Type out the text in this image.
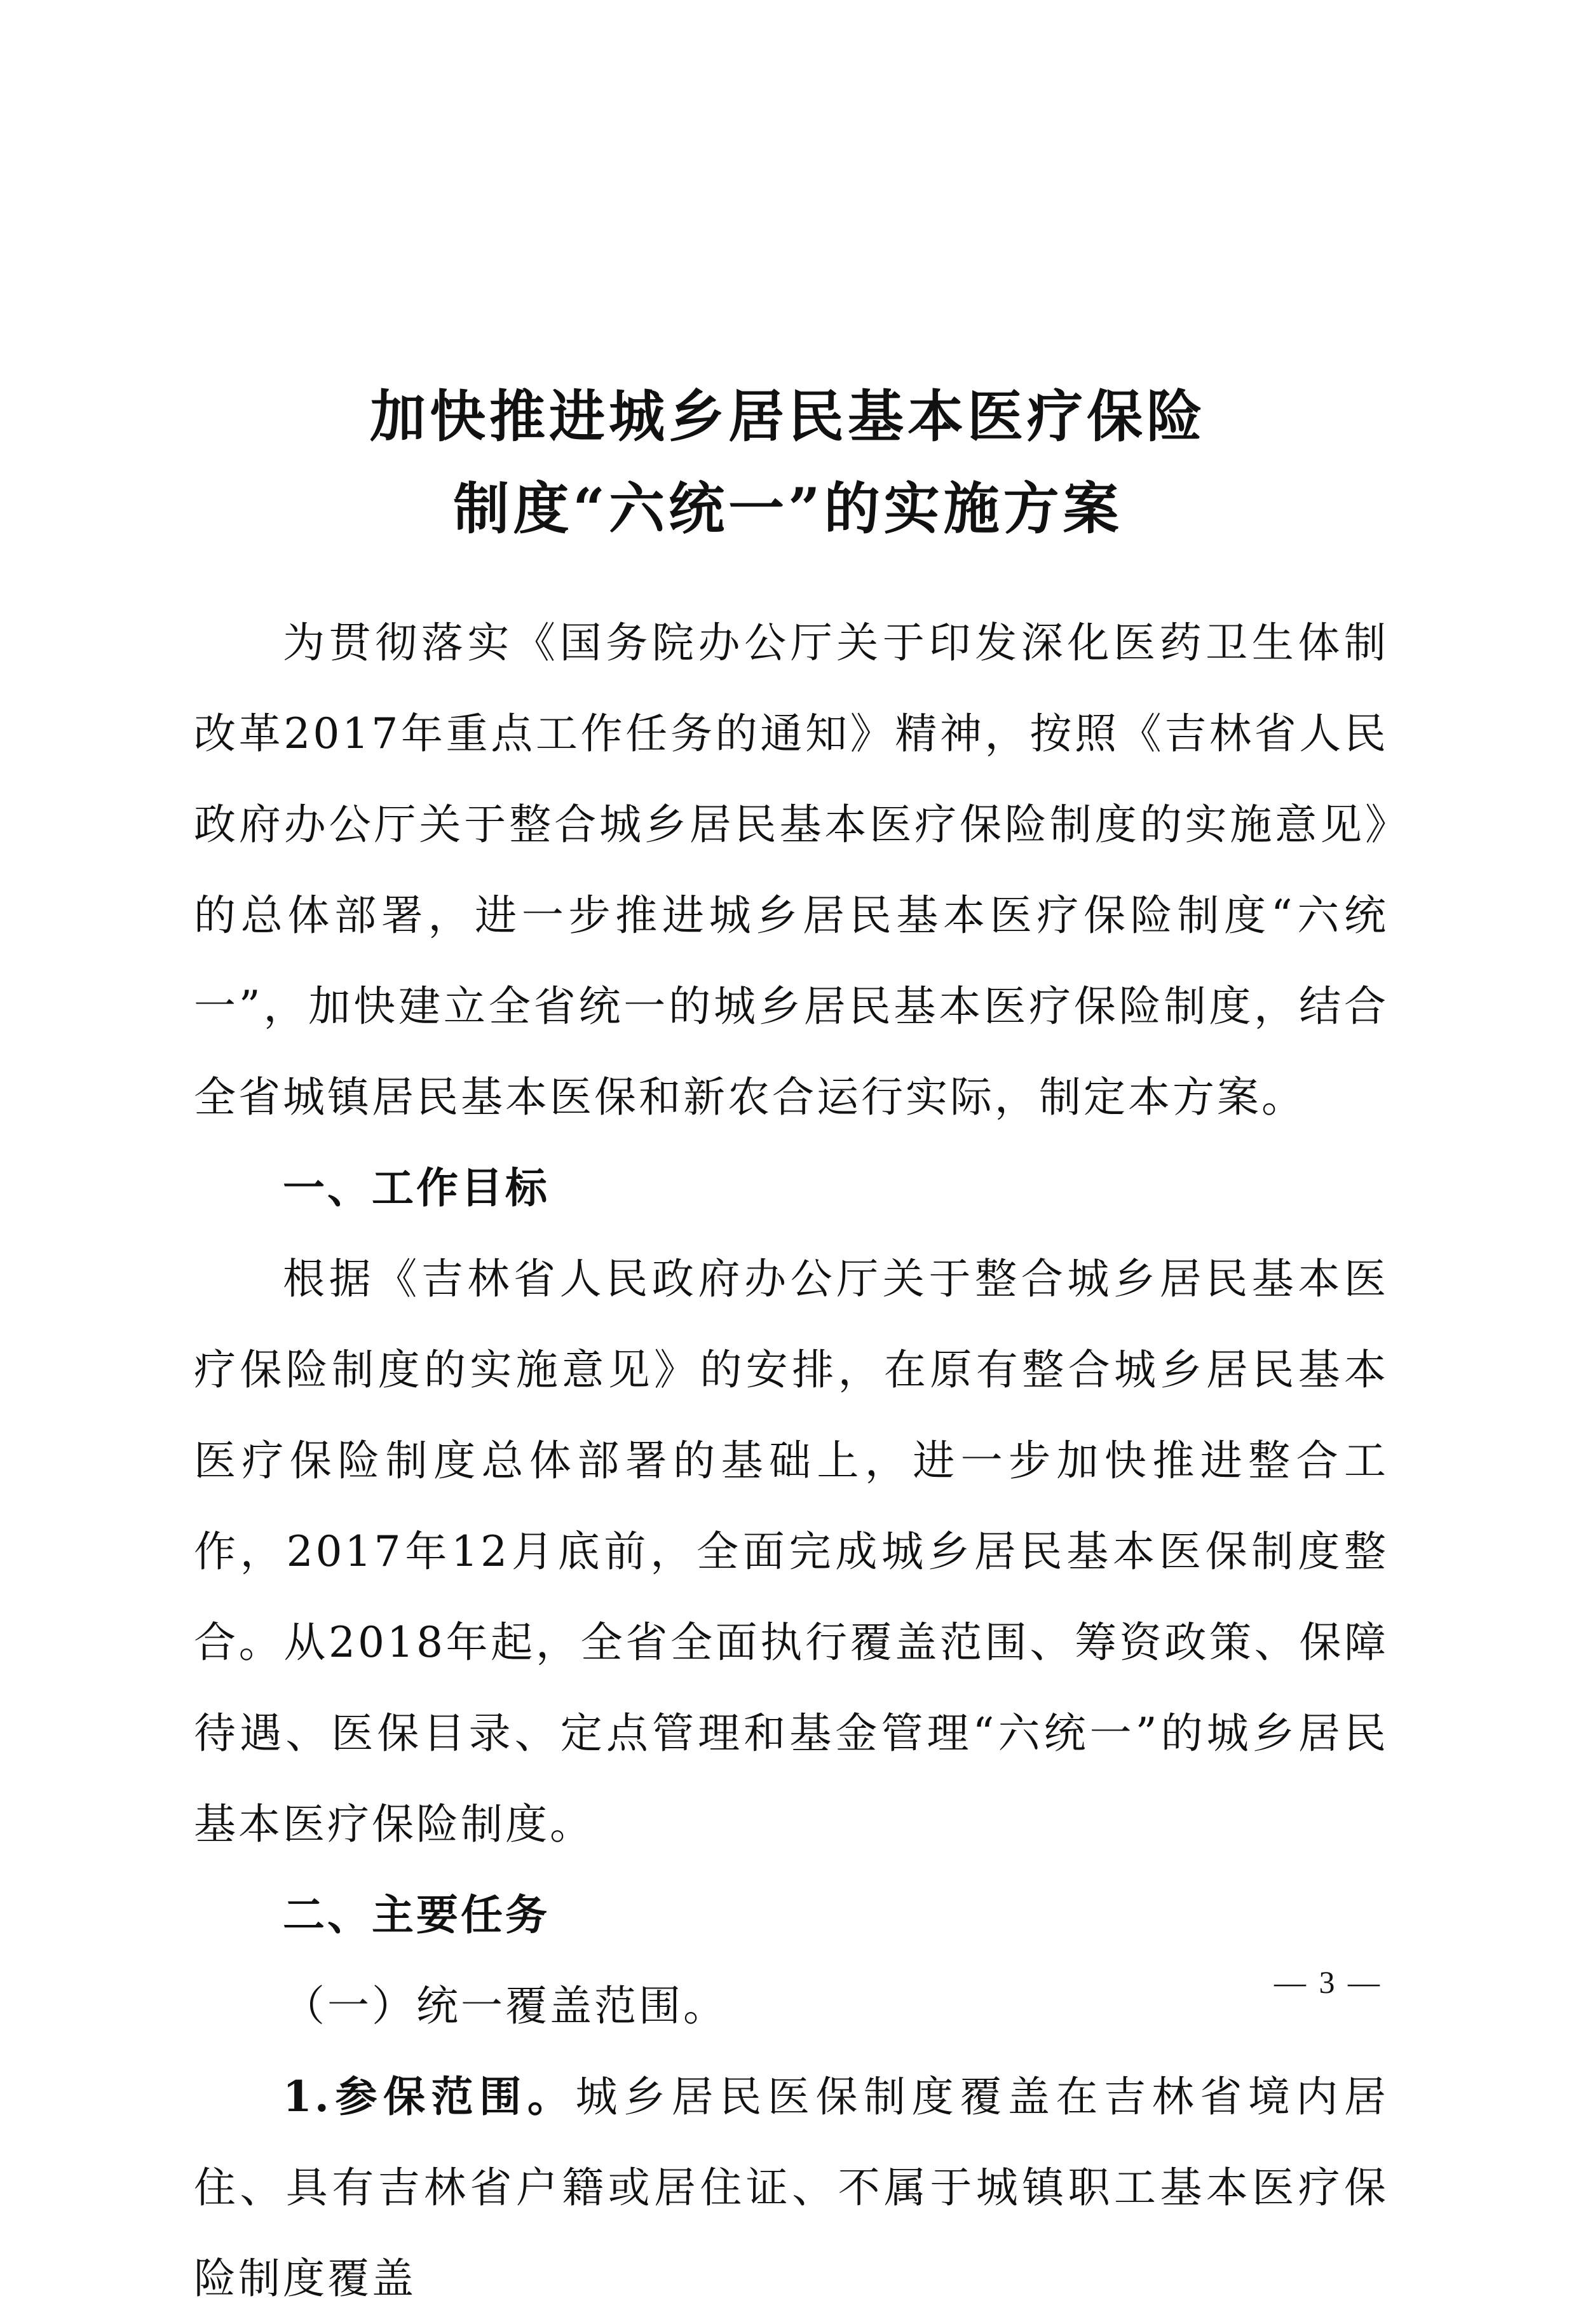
加快推进城乡居民基本医疗保险
制度“六统一”的实施方案

为贯彻落实《国务院办公厅关于印发深化医药卫生体制改革2017年重点工作任务的通知》精神，按照《吉林省人民政府办公厅关于整合城乡居民基本医疗保险制度的实施意见》的总体部署，进一步推进城乡居民基本医疗保险制度“六统一”，加快建立全省统一的城乡居民基本医疗保险制度，结合全省城镇居民基本医保和新农合运行实际，制定本方案。

一、工作目标

根据《吉林省人民政府办公厅关于整合城乡居民基本医疗保险制度的实施意见》的安排，在原有整合城乡居民基本医疗保险制度总体部署的基础上，进一步加快推进整合工作，2017年12月底前，全面完成城乡居民基本医保制度整合。从2018年起，全省全面执行覆盖范围、筹资政策、保障待遇、医保目录、定点管理和基金管理“六统一”的城乡居民基本医疗保险制度。

二、主要任务

（一）统一覆盖范围。

1.参保范围。城乡居民医保制度覆盖在吉林省境内居住、具有吉林省户籍或居住证、不属于城镇职工基本医疗保险制度覆盖

— 3 —
